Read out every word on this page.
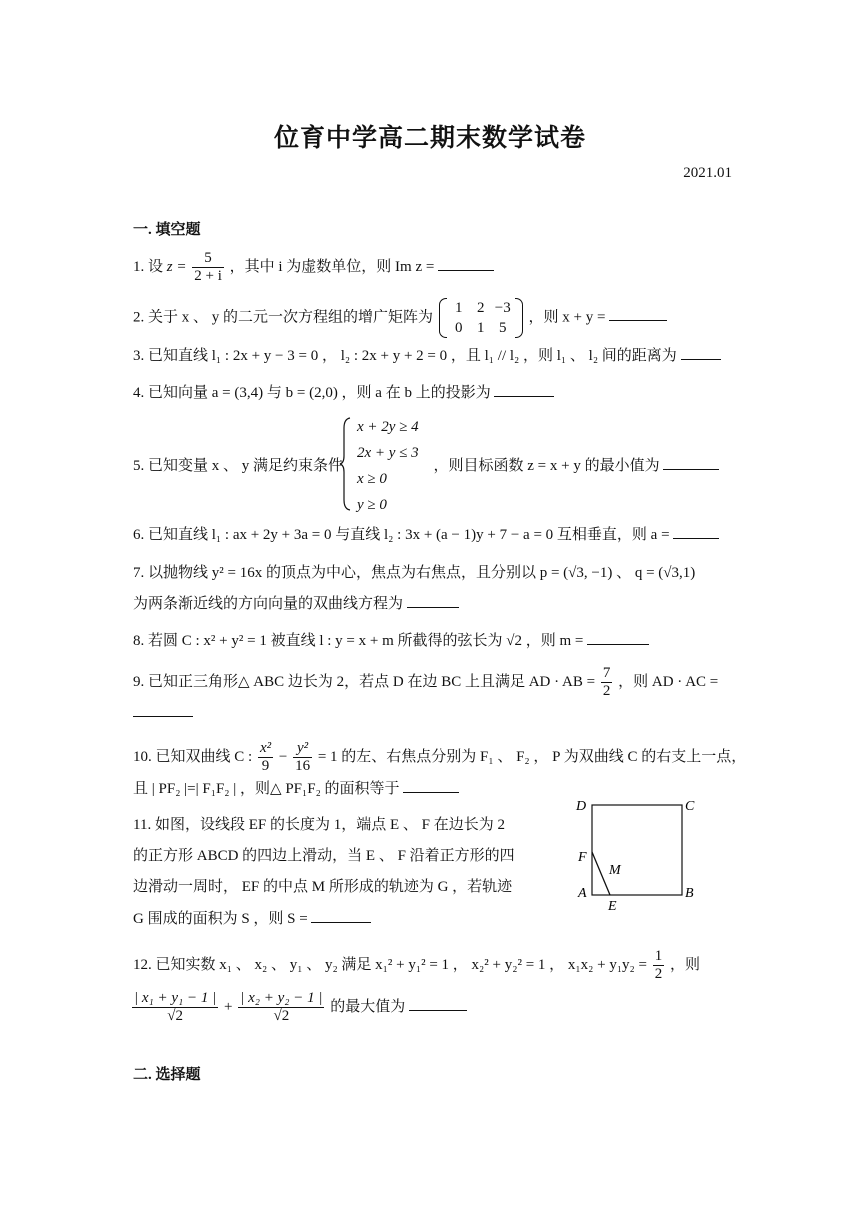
位育中学高二期末数学试卷
2021.01
一. 填空题
1. 设 $z = \frac{5}{2 + i}$ ，其中 i 为虚数单位，则 Im z =
2. 关于 x 、 y 的二元一次方程组的增广矩阵为
1 2 −3
0 1 5
，则 x + y =
3. 已知直线 l₁ : 2x + y − 3 = 0 ， l₂ : 2x + y + 2 = 0 ，且 l₁ // l₂ ，则 l₁ 、 l₂ 间的距离为
4. 已知向量 a = (3,4) 与 b = (2,0) ，则 a 在 b 上的投影为
5. 已知变量 x 、 y 满足约束条件	，则目标函数 z = x + y 的最小值为
x + 2y ≥ 4
2x + y ≤ 3
x ≥ 0
y ≥ 0
6. 已知直线 l₁ : ax + 2y + 3a = 0 与直线 l₂ : 3x + (a − 1)y + 7 − a = 0 互相垂直，则 a =
7. 以抛物线 y² = 16x 的顶点为中心，焦点为右焦点，且分别以 p = (√3, −1) 、 q = (√3,1)
为两条渐近线的方向向量的双曲线方程为
8. 若圆 C : x² + y² = 1 被直线 l : y = x + m 所截得的弦长为 √2 ，则 m =
9. 已知正三角形△ ABC 边长为 2，若点 D 在边 BC 上且满足 AD · AB = $\frac{7}{2}$ ，则 AD · AC =
10. 已知双曲线 C : $\frac{\text{x²}}{9} - \frac{\text{y²}}{16} = 1$ 的左、右焦点分别为 F₁ 、 F₂ ， P 为双曲线 C 的右支上一点，
且 | PF₂ |=| F₁F₂ | ，则△ PF₁F₂ 的面积等于
11. 如图，设线段 EF 的长度为 1，端点 E 、 F 在边长为 2
的正方形 ABCD 的四边上滑动，当 E 、 F 沿着正方形的四
边滑动一周时， EF 的中点 M 所形成的轨迹为 G ，若轨迹
G 围成的面积为 S ，则 S =
D	C
A	B
F
E
M
12. 已知实数 x₁ 、 x₂ 、 y₁ 、 y₂ 满足 x₁² + y₁² = 1 ， x₂² + y₂² = 1 ， $x_1x_2 + y_1y_2 = \frac{1}{2}$ ，则
$\frac{\text{| x₁ + y₁ − 1 |}}{√2} + \frac{\text{| x₂ + y₂ − 1 |}}{√2}$ 的最大值为
二. 选择题
